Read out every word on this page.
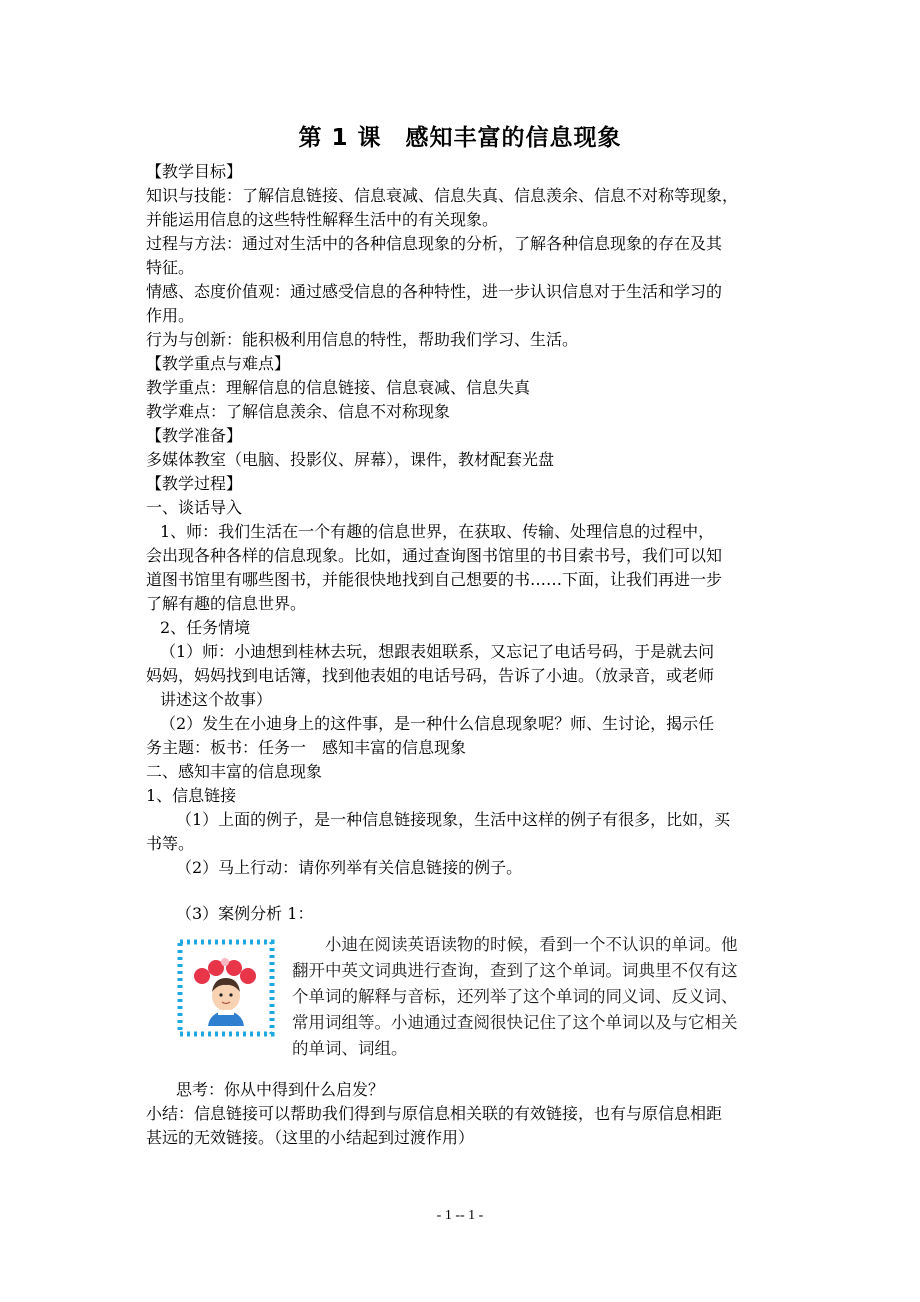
第 1 课　感知丰富的信息现象

【教学目标】

知识与技能：了解信息链接、信息衰减、信息失真、信息羡余、信息不对称等现象，

并能运用信息的这些特性解释生活中的有关现象。

过程与方法：通过对生活中的各种信息现象的分析，了解各种信息现象的存在及其

特征。

情感、态度价值观：通过感受信息的各种特性，进一步认识信息对于生活和学习的

作用。

行为与创新：能积极利用信息的特性，帮助我们学习、生活。

【教学重点与难点】

教学重点：理解信息的信息链接、信息衰减、信息失真

教学难点：了解信息羡余、信息不对称现象

【教学准备】

多媒体教室（电脑、投影仪、屏幕），课件，教材配套光盘

【教学过程】

一、谈话导入

1、师：我们生活在一个有趣的信息世界，在获取、传输、处理信息的过程中，

会出现各种各样的信息现象。比如，通过查询图书馆里的书目索书号，我们可以知

道图书馆里有哪些图书，并能很快地找到自己想要的书……下面，让我们再进一步

了解有趣的信息世界。

2、任务情境

（1）师：小迪想到桂林去玩，想跟表姐联系，又忘记了电话号码，于是就去问

妈妈，妈妈找到电话簿，找到他表姐的电话号码，告诉了小迪。（放录音，或老师

讲述这个故事）

（2）发生在小迪身上的这件事，是一种什么信息现象呢？师、生讨论，揭示任

务主题：板书：任务一　感知丰富的信息现象

二、感知丰富的信息现象

1、信息链接

（1）上面的例子，是一种信息链接现象，生活中这样的例子有很多，比如，买

书等。

（2）马上行动：请你列举有关信息链接的例子。

（3）案例分析 1：

小迪在阅读英语读物的时候，看到一个不认识的单词。他
翻开中英文词典进行查询，查到了这个单词。词典里不仅有这
个单词的解释与音标，还列举了这个单词的同义词、反义词、
常用词组等。小迪通过查阅很快记住了这个单词以及与它相关
的单词、词组。

思考：你从中得到什么启发？

小结：信息链接可以帮助我们得到与原信息相关联的有效链接，也有与原信息相距

甚远的无效链接。（这里的小结起到过渡作用）

- 1 -- 1 -
